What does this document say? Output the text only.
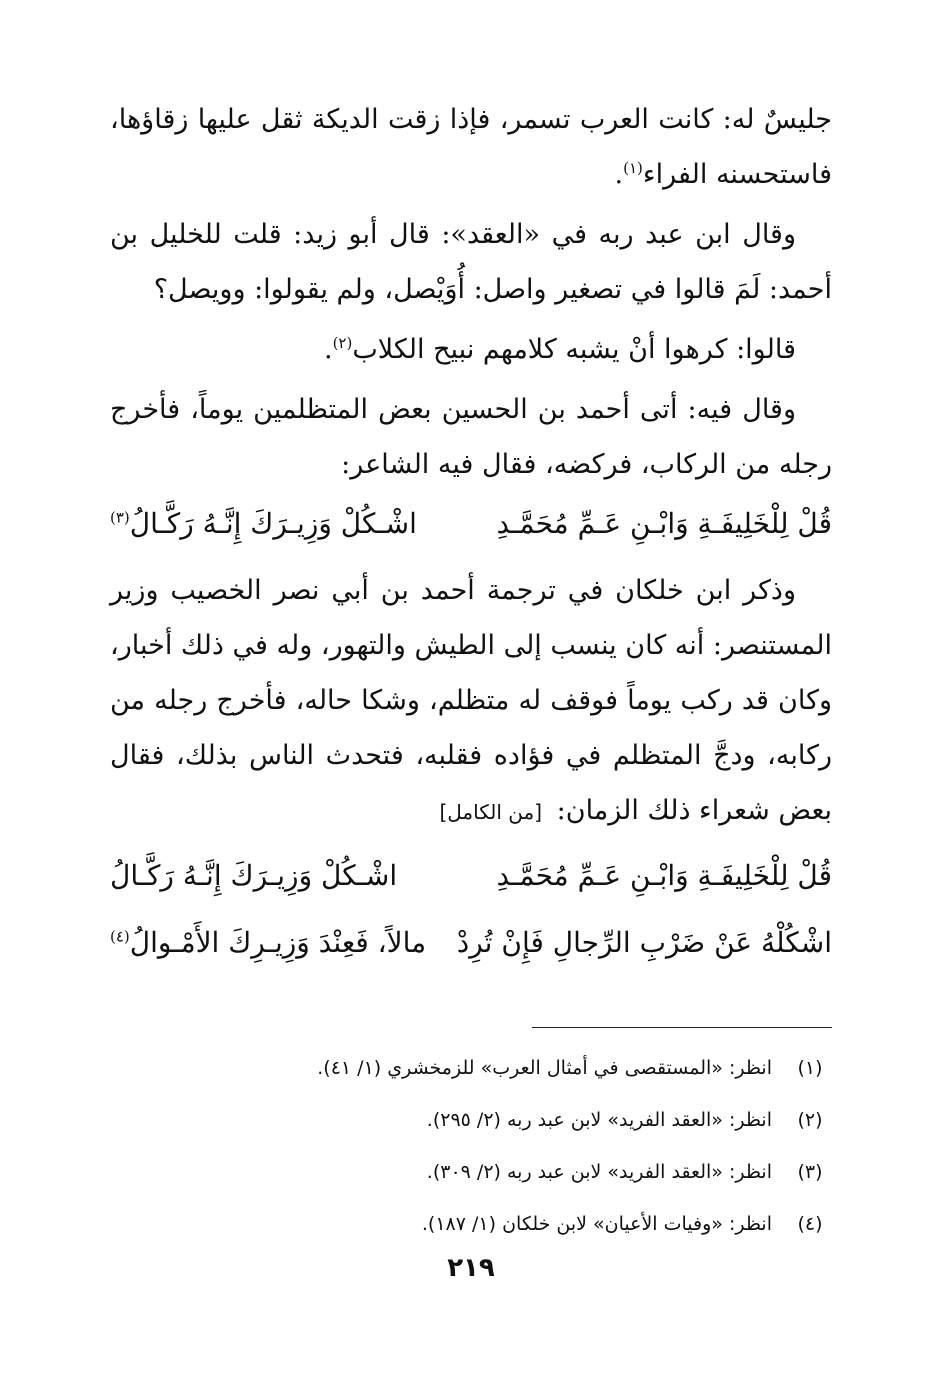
جليسٌ له: كانت العرب تسمر، فإذا زقت الديكة ثقل عليها زقاؤها، فاستحسنه الفراء$^{(١)}$.

وقال ابن عبد ربه في «العقد»: قال أبو زيد: قلت للخليل بن أحمد: لَمَ قالوا في تصغير واصل: أُوَيْصل، ولم يقولوا: وويصل؟

قالوا: كرهوا أنْ يشبه كلامهم نبيح الكلاب$^{(٢)}$.

وقال فيه: أتى أحمد بن الحسين بعض المتظلمين يوماً، فأخرج رجله من الركاب، فركضه، فقال فيه الشاعر:

قُلْ لِلْخَلِيفَـةِ وَابْـنِ عَـمِّ مُحَمَّـدِ
اشْـكُلْ وَزِيـرَكَ إِنَّـهُ رَكَّـالُ$^{(٣)}$

وذكر ابن خلكان في ترجمة أحمد بن أبي نصر الخصيب وزير المستنصر: أنه كان ينسب إلى الطيش والتهور، وله في ذلك أخبار، وكان قد ركب يوماً فوقف له متظلم، وشكا حاله، فأخرج رجله من ركابه، ودجَّ المتظلم في فؤاده فقلبه، فتحدث الناس بذلك، فقال بعض شعراء ذلك الزمان: [من الكامل]

قُلْ لِلْخَلِيفَـةِ وَابْـنِ عَـمِّ مُحَمَّـدِ
اشْـكُلْ وَزِيـرَكَ إِنَّـهُ رَكَّـالُ
اشْكُلْهُ عَنْ ضَرْبِ الرِّجالِ فَإِنْ تُرِدْ
مالاً، فَعِنْدَ وَزِيـرِكَ الأَمْـوالُ$^{(٤)}$
(١)
انظر: «المستقصى في أمثال العرب» للزمخشري (١/ ٤١).
(٢)
انظر: «العقد الفريد» لابن عبد ربه (٢/ ٢٩٥).
(٣)
انظر: «العقد الفريد» لابن عبد ربه (٢/ ٣٠٩).
(٤)
انظر: «وفيات الأعيان» لابن خلكان (١/ ١٨٧).
٢١٩
